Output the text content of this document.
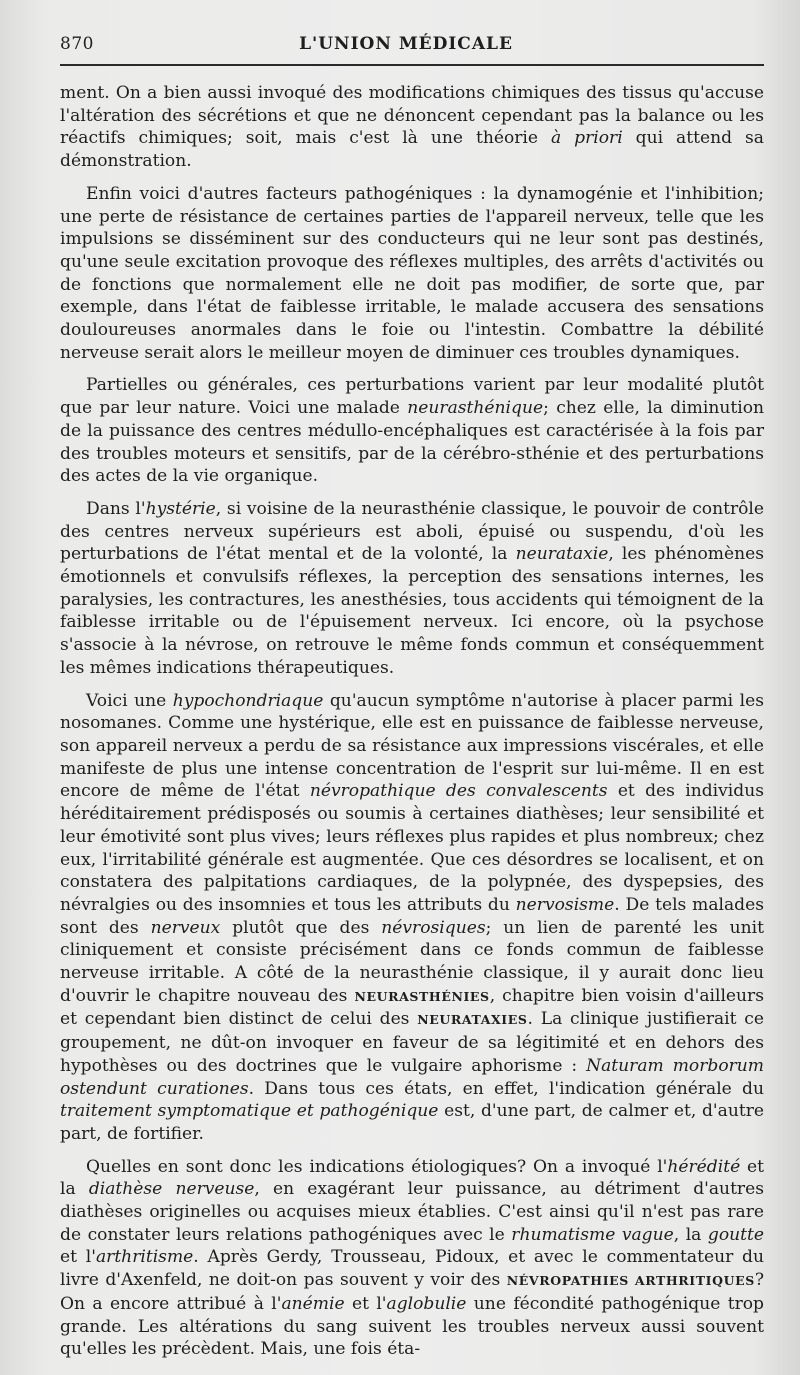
870	L'UNION MÉDICALE

ment. On a bien aussi invoqué des modifications chimiques des tissus qu'accuse l'altération des sécrétions et que ne dénoncent cependant pas la balance ou les réactifs chimiques; soit, mais c'est là une théorie à priori qui attend sa démonstration.

Enfin voici d'autres facteurs pathogéniques : la dynamogénie et l'inhibition; une perte de résistance de certaines parties de l'appareil nerveux, telle que les impulsions se disséminent sur des conducteurs qui ne leur sont pas destinés, qu'une seule excitation provoque des réflexes multiples, des arrêts d'activités ou de fonctions que normalement elle ne doit pas modifier, de sorte que, par exemple, dans l'état de faiblesse irritable, le malade accusera des sensations douloureuses anormales dans le foie ou l'intestin. Combattre la débilité nerveuse serait alors le meilleur moyen de diminuer ces troubles dynamiques.

Partielles ou générales, ces perturbations varient par leur modalité plutôt que par leur nature. Voici une malade neurasthénique; chez elle, la diminution de la puissance des centres médullo-encéphaliques est caractérisée à la fois par des troubles moteurs et sensitifs, par de la cérébro-sthénie et des perturbations des actes de la vie organique.

Dans l'hystérie, si voisine de la neurasthénie classique, le pouvoir de contrôle des centres nerveux supérieurs est aboli, épuisé ou suspendu, d'où les perturbations de l'état mental et de la volonté, la neurataxie, les phénomènes émotionnels et convulsifs réflexes, la perception des sensations internes, les paralysies, les contractures, les anesthésies, tous accidents qui témoignent de la faiblesse irritable ou de l'épuisement nerveux. Ici encore, où la psychose s'associe à la névrose, on retrouve le même fonds commun et conséquemment les mêmes indications thérapeutiques.

Voici une hypochondriaque qu'aucun symptôme n'autorise à placer parmi les nosomanes. Comme une hystérique, elle est en puissance de faiblesse nerveuse, son appareil nerveux a perdu de sa résistance aux impressions viscérales, et elle manifeste de plus une intense concentration de l'esprit sur lui-même. Il en est encore de même de l'état névropathique des convalescents et des individus héréditairement prédisposés ou soumis à certaines diathèses; leur sensibilité et leur émotivité sont plus vives; leurs réflexes plus rapides et plus nombreux; chez eux, l'irritabilité générale est augmentée. Que ces désordres se localisent, et on constatera des palpitations cardiaques, de la polypnée, des dyspepsies, des névralgies ou des insomnies et tous les attributs du nervosisme. De tels malades sont des nerveux plutôt que des névrosiques; un lien de parenté les unit cliniquement et consiste précisément dans ce fonds commun de faiblesse nerveuse irritable. A côté de la neurasthénie classique, il y aurait donc lieu d'ouvrir le chapitre nouveau des NEURASTHÉNIES, chapitre bien voisin d'ailleurs et cependant bien distinct de celui des NEURATAXIES. La clinique justifierait ce groupement, ne dût-on invoquer en faveur de sa légitimité et en dehors des hypothèses ou des doctrines que le vulgaire aphorisme : Naturam morborum ostendunt curationes. Dans tous ces états, en effet, l'indication générale du traitement symptomatique et pathogénique est, d'une part, de calmer et, d'autre part, de fortifier.

Quelles en sont donc les indications étiologiques? On a invoqué l'hérédité et la diathèse nerveuse, en exagérant leur puissance, au détriment d'autres diathèses originelles ou acquises mieux établies. C'est ainsi qu'il n'est pas rare de constater leurs relations pathogéniques avec le rhumatisme vague, la goutte et l'arthritisme. Après Gerdy, Trousseau, Pidoux, et avec le commentateur du livre d'Axenfeld, ne doit-on pas souvent y voir des NÉVROPATHIES ARTHRITIQUES? On a encore attribué à l'anémie et l'aglobulie une fécondité pathogénique trop grande. Les altérations du sang suivent les troubles nerveux aussi souvent qu'elles les précèdent. Mais, une fois éta-
